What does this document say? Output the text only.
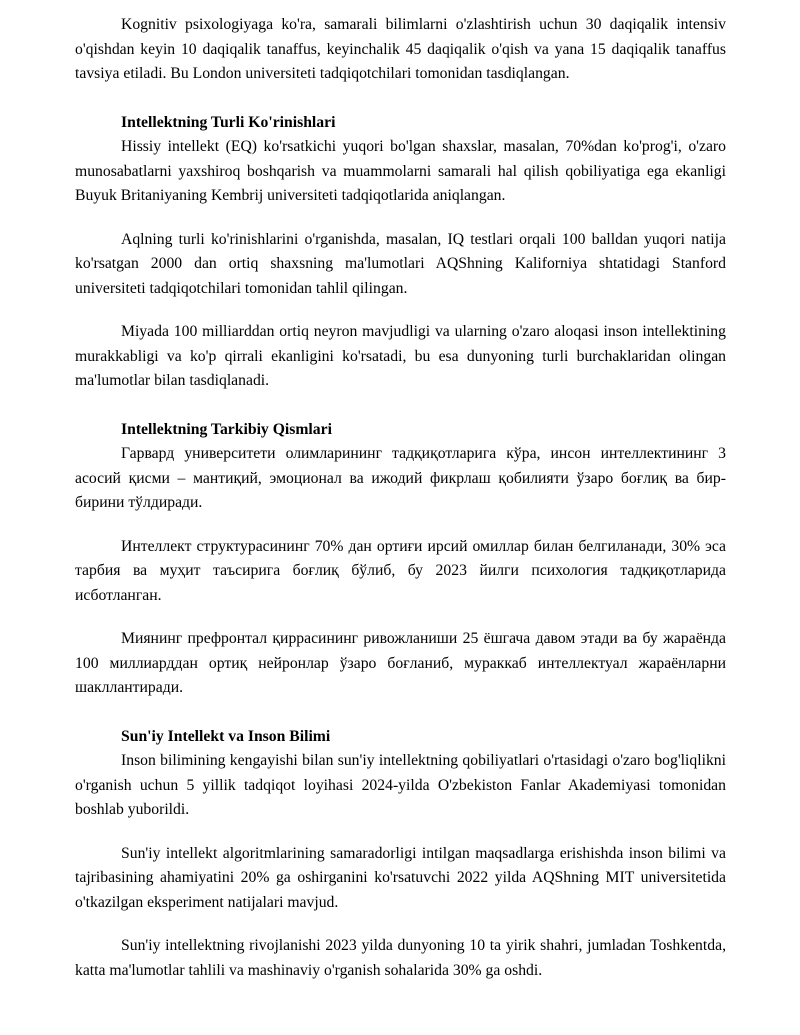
Kognitiv psixologiyaga ko'ra, samarali bilimlarni o'zlashtirish uchun 30 daqiqalik intensiv o'qishdan keyin 10 daqiqalik tanaffus, keyinchalik 45 daqiqalik o'qish va yana 15 daqiqalik tanaffus tavsiya etiladi. Bu London universiteti tadqiqotchilari tomonidan tasdiqlangan.

Intellektning Turli Ko'rinishlari

Hissiy intellekt (EQ) ko'rsatkichi yuqori bo'lgan shaxslar, masalan, 70%dan ko'prog'i, o'zaro munosabatlarni yaxshiroq boshqarish va muammolarni samarali hal qilish qobiliyatiga ega ekanligi Buyuk Britaniyaning Kembrij universiteti tadqiqotlarida aniqlangan.

Aqlning turli ko'rinishlarini o'rganishda, masalan, IQ testlari orqali 100 balldan yuqori natija ko'rsatgan 2000 dan ortiq shaxsning ma'lumotlari AQShning Kaliforniya shtatidagi Stanford universiteti tadqiqotchilari tomonidan tahlil qilingan.

Miyada 100 milliarddan ortiq neyron mavjudligi va ularning o'zaro aloqasi inson intellektining murakkabligi va ko'p qirrali ekanligini ko'rsatadi, bu esa dunyoning turli burchaklaridan olingan ma'lumotlar bilan tasdiqlanadi.

Intellektning Tarkibiy Qismlari

Гарвард университети олимларининг тадқиқотларига кўра, инсон интеллектининг 3 асосий қисми – мантиқий, эмоционал ва ижодий фикрлаш қобилияти ўзаро боғлиқ ва бир-бирини тўлдиради.

Интеллект структурасининг 70% дан ортиғи ирсий омиллар билан белгиланади, 30% эса тарбия ва муҳит таъсирига боғлиқ бўлиб, бу 2023 йилги психология тадқиқотларида исботланган.

Миянинг префронтал қиррасининг ривожланиши 25 ёшгача давом этади ва бу жараёнда 100 миллиарддан ортиқ нейронлар ўзаро боғланиб, мураккаб интеллектуал жараёнларни шакллантиради.

Sun'iy Intellekt va Inson Bilimi

Inson bilimining kengayishi bilan sun'iy intellektning qobiliyatlari o'rtasidagi o'zaro bog'liqlikni o'rganish uchun 5 yillik tadqiqot loyihasi 2024-yilda O'zbekiston Fanlar Akademiyasi tomonidan boshlab yuborildi.

Sun'iy intellekt algoritmlarining samaradorligi intilgan maqsadlarga erishishda inson bilimi va tajribasining ahamiyatini 20% ga oshirganini ko'rsatuvchi 2022 yilda AQShning MIT universitetida o'tkazilgan eksperiment natijalari mavjud.

Sun'iy intellektning rivojlanishi 2023 yilda dunyoning 10 ta yirik shahri, jumladan Toshkentda, katta ma'lumotlar tahlili va mashinaviy o'rganish sohalarida 30% ga oshdi.
